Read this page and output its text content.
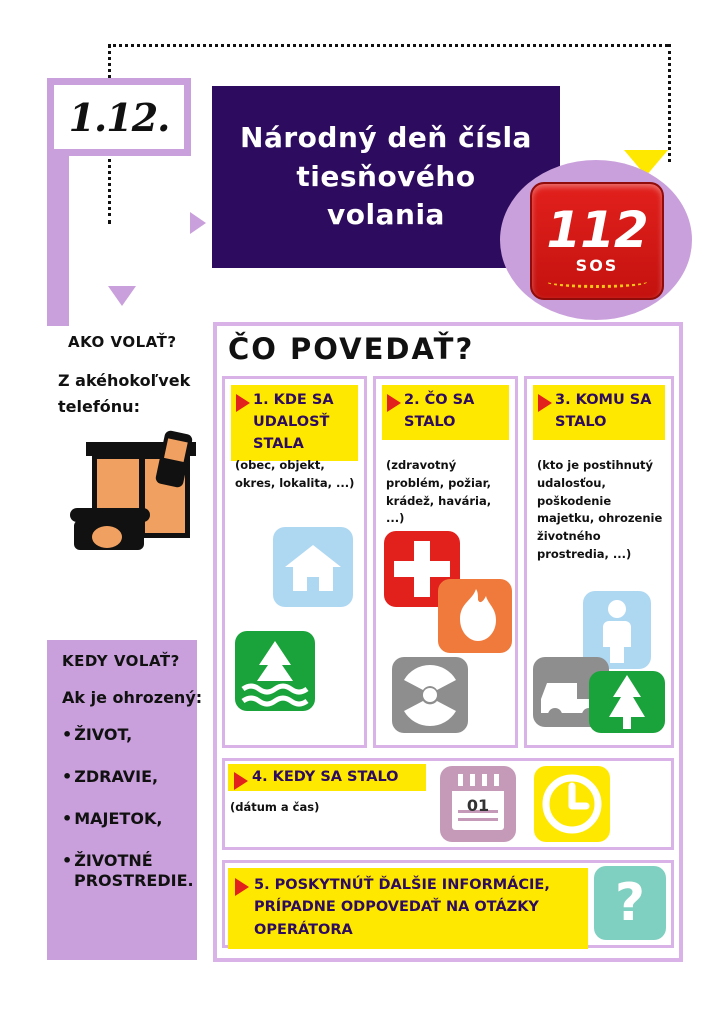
1.12.	Národný deň čísla
tiesňového
volania 112
SOS
AKO VOLAŤ?
Z akéhokoľvek telefónu:
KEDY VOLAŤ?
Ak je ohrozený:
• ŽIVOT,
• ZDRAVIE,
• MAJETOK,
• ŽIVOTNÉ
PROSTREDIE.
ČO POVEDAŤ?
1. KDE SA UDALOSŤ STALA
(obec, objekt, okres, lokalita, ...)
2. ČO SA STALO
(zdravotný problém, požiar, krádež, havária, ...)
3. KOMU SA STALO
(kto je postihnutý udalosťou, poškodenie majetku, ohrozenie životného prostredia, ...)
4. KEDY SA STALO
(dátum a čas)	01
5. POSKYTNÚŤ ĎALŠIE INFORMÁCIE, PRÍPADNE ODPOVEDAŤ NA OTÁZKY OPERÁTORA	?
